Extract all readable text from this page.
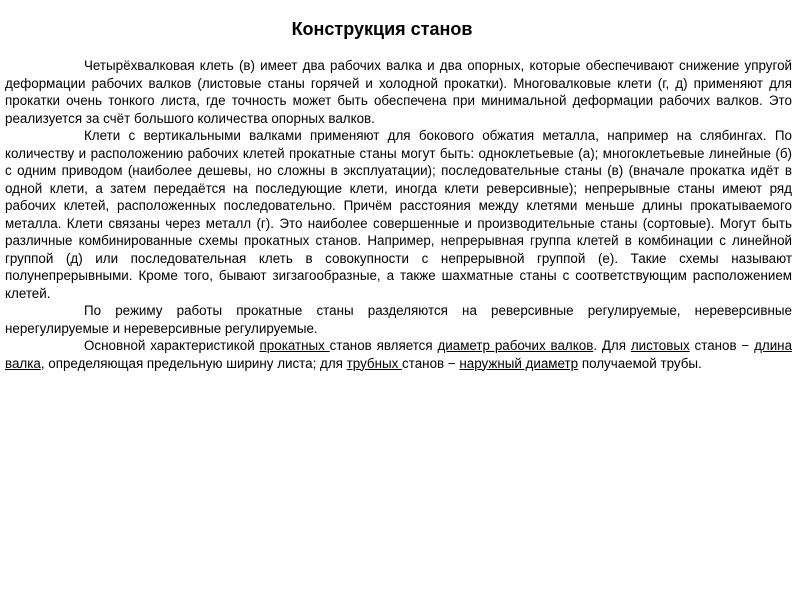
Конструкция станов

Четырёхвалковая клеть (в) имеет два рабочих валка и два опорных, которые обеспечивают снижение упругой деформации рабочих валков (листовые станы горячей и холодной прокатки). Многовалковые клети (г, д) применяют для прокатки очень тонкого листа, где точность может быть обеспечена при минимальной деформации рабочих валков. Это реализуется за счёт большого количества опорных валков.

Клети с вертикальными валками применяют для бокового обжатия металла, например на слябингах. По количеству и расположению рабочих клетей прокатные станы могут быть: одноклетьевые (а); многоклетьевые линейные (б) с одним приводом (наиболее дешевы, но сложны в эксплуатации); последовательные станы (в) (вначале прокатка идёт в одной клети, а затем передаётся на последующие клети, иногда клети реверсивные); непрерывные станы имеют ряд рабочих клетей, расположенных последовательно. Причём расстояния между клетями меньше длины прокатываемого металла. Клети связаны через металл (г). Это наиболее совершенные и производительные станы (сортовые). Могут быть различные комбинированные схемы прокатных станов. Например, непрерывная группа клетей в комбинации с линейной группой (д) или последовательная клеть в совокупности с непрерывной группой (е). Такие схемы называют полунепрерывными. Кроме того, бывают зигзагообразные, а также шахматные станы с соответствующим расположением клетей.

По режиму работы прокатные станы разделяются на реверсивные регулируемые, нереверсивные нерегулируемые и нереверсивные регулируемые.

Основной характеристикой прокатных станов является диаметр рабочих валков. Для листовых станов − длина валка, определяющая предельную ширину листа; для трубных станов − наружный диаметр получаемой трубы.
